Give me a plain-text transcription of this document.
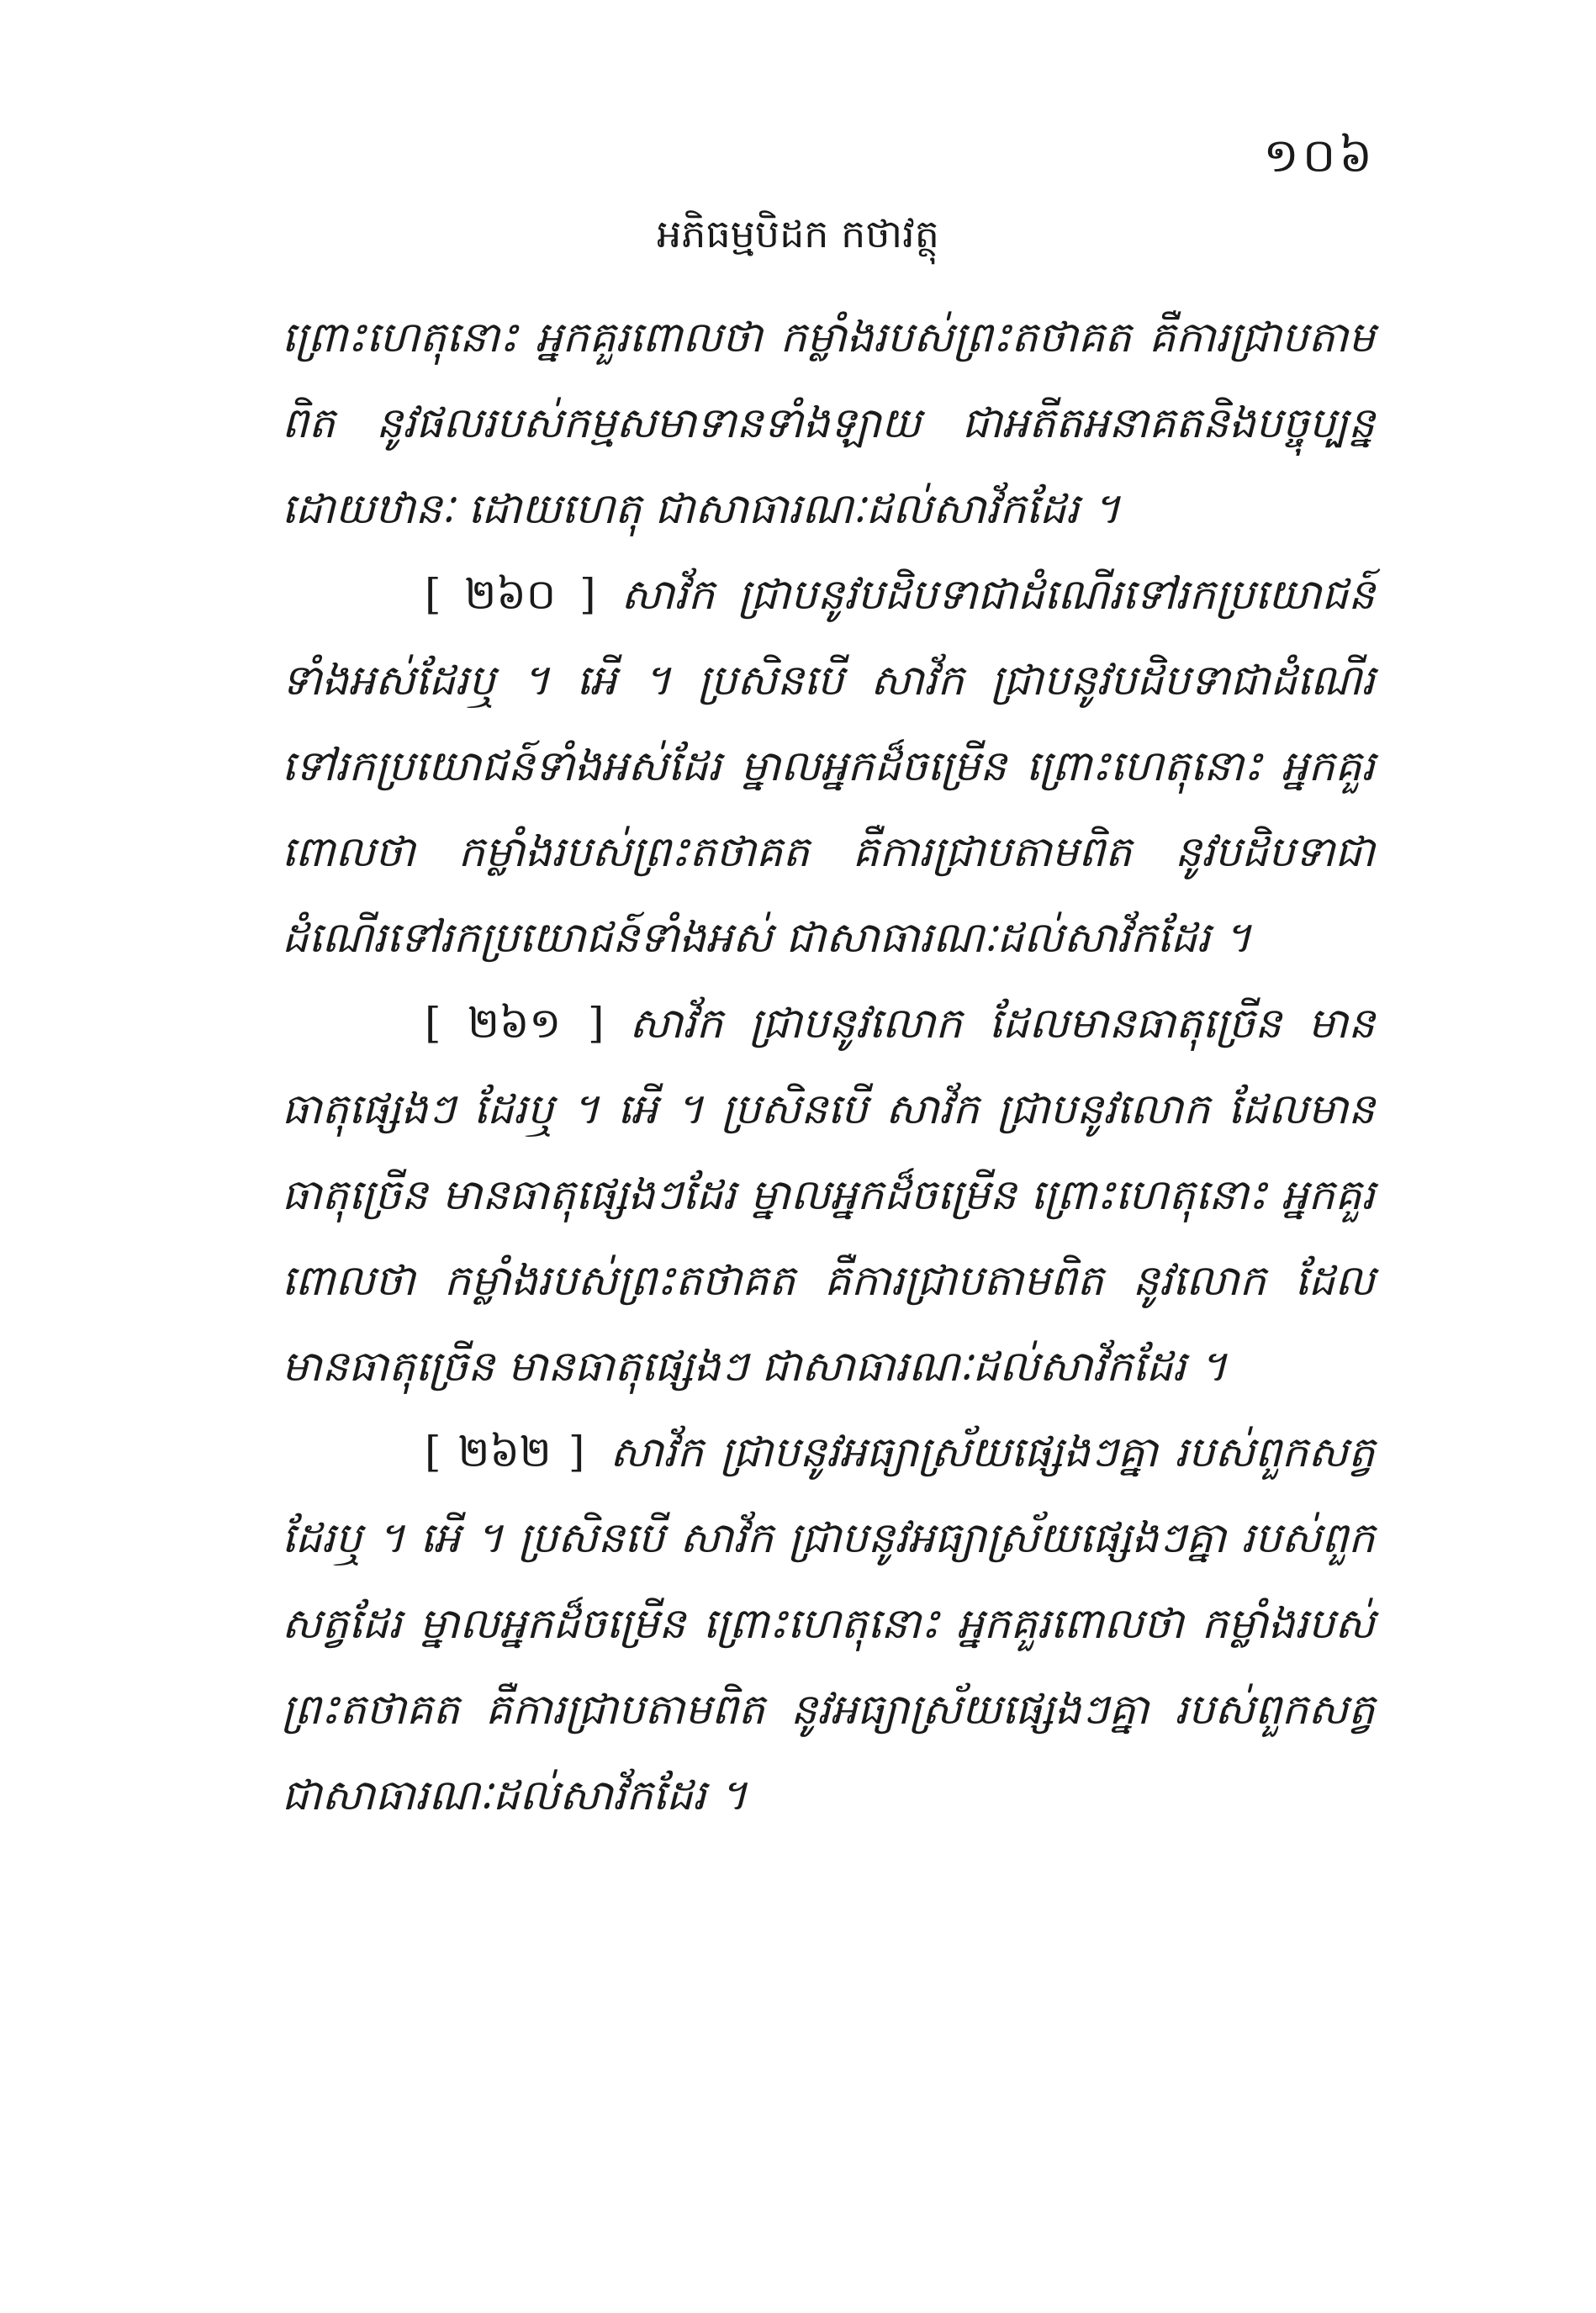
១០៦
អភិធម្មបិដក កថាវត្ថុ

ព្រោះហេតុនោះ អ្នកគួរពោលថា កម្លាំងរបស់ព្រះតថាគត គឺការជ្រាបតាមពិត នូវផលរបស់កម្មសមាទានទាំងឡាយ ជាអតីតអនាគតនិងបច្ចុប្បន្ន ដោយឋានៈ ដោយហេតុ ជាសាធារណៈដល់សាវ័កដែរ ។

[ ២៦០ ] សាវ័ក ជ្រាបនូវបដិបទាជាដំណើរទៅរកប្រយោជន៍ទាំងអស់ដែរឬ ។ អើ ។ ប្រសិនបើ សាវ័ក ជ្រាបនូវបដិបទាជាដំណើរទៅរកប្រយោជន៍ទាំងអស់ដែរ ម្នាលអ្នកដ៏ចម្រើន ព្រោះហេតុនោះ អ្នកគួរពោលថា កម្លាំងរបស់ព្រះតថាគត គឺការជ្រាបតាមពិត នូវបដិបទាជាដំណើរទៅរកប្រយោជន៍ទាំងអស់ ជាសាធារណៈដល់សាវ័កដែរ ។

[ ២៦១ ] សាវ័ក ជ្រាបនូវលោក ដែលមានធាតុច្រើន មានធាតុផ្សេងៗ ដែរឬ ។ អើ ។ ប្រសិនបើ សាវ័ក ជ្រាបនូវលោក ដែលមានធាតុច្រើន មានធាតុផ្សេងៗដែរ ម្នាលអ្នកដ៏ចម្រើន ព្រោះហេតុនោះ អ្នកគួរពោលថា កម្លាំងរបស់ព្រះតថាគត គឺការជ្រាបតាមពិត នូវលោក ដែលមានធាតុច្រើន មានធាតុផ្សេងៗ ជាសាធារណៈដល់សាវ័កដែរ ។

[ ២៦២ ] សាវ័ក ជ្រាបនូវអធ្យាស្រ័យផ្សេងៗគ្នា របស់ពួកសត្វដែរឬ ។ អើ ។ ប្រសិនបើ សាវ័ក ជ្រាបនូវអធ្យាស្រ័យផ្សេងៗគ្នា របស់ពួកសត្វដែរ ម្នាលអ្នកដ៏ចម្រើន ព្រោះហេតុនោះ អ្នកគួរពោលថា កម្លាំងរបស់ព្រះតថាគត គឺការជ្រាបតាមពិត នូវអធ្យាស្រ័យផ្សេងៗគ្នា របស់ពួកសត្វ ជាសាធារណៈដល់សាវ័កដែរ ។
